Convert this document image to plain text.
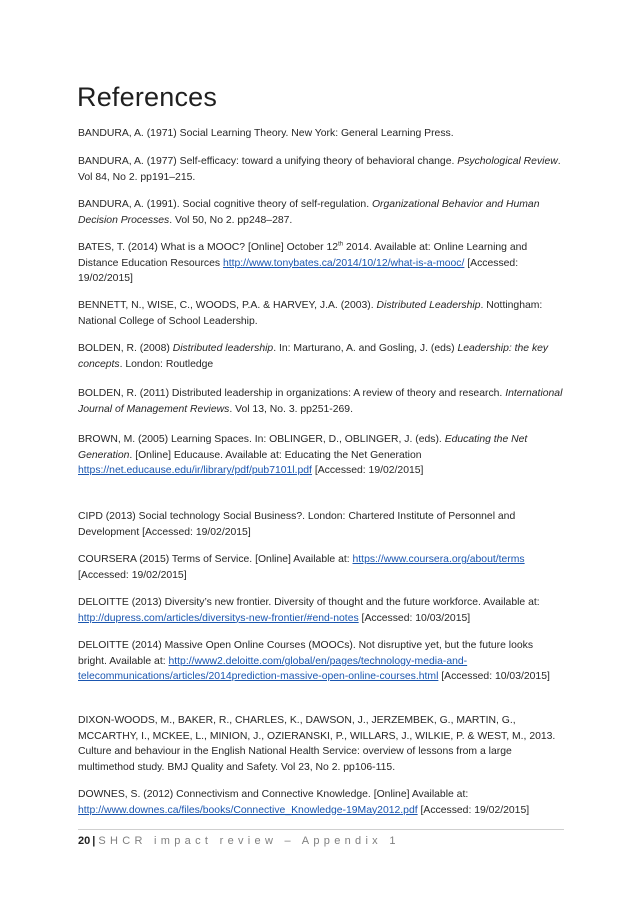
References

BANDURA, A. (1971) Social Learning Theory. New York: General Learning Press.

BANDURA, A. (1977) Self-efficacy: toward a unifying theory of behavioral change. Psychological Review. Vol 84, No 2. pp191–215.

BANDURA, A. (1991). Social cognitive theory of self-regulation. Organizational Behavior and Human Decision Processes. Vol 50, No 2. pp248–287.

BATES, T. (2014) What is a MOOC? [Online] October 12th 2014. Available at: Online Learning and Distance Education Resources http://www.tonybates.ca/2014/10/12/what-is-a-mooc/ [Accessed: 19/02/2015]

BENNETT, N., WISE, C., WOODS, P.A. & HARVEY, J.A. (2003). Distributed Leadership. Nottingham: National College of School Leadership.

BOLDEN, R. (2008) Distributed leadership. In: Marturano, A. and Gosling, J. (eds) Leadership: the key concepts. London: Routledge

BOLDEN, R. (2011) Distributed leadership in organizations: A review of theory and research. International Journal of Management Reviews. Vol 13, No. 3. pp251-269.

BROWN, M. (2005) Learning Spaces. In: OBLINGER, D., OBLINGER, J. (eds). Educating the Net Generation. [Online] Educause. Available at: Educating the Net Generation https://net.educause.edu/ir/library/pdf/pub7101l.pdf [Accessed: 19/02/2015]

CIPD (2013) Social technology Social Business?. London: Chartered Institute of Personnel and Development [Accessed: 19/02/2015]

COURSERA (2015) Terms of Service. [Online] Available at: https://www.coursera.org/about/terms [Accessed: 19/02/2015]

DELOITTE (2013) Diversity’s new frontier. Diversity of thought and the future workforce. Available at: http://dupress.com/articles/diversitys-new-frontier/#end-notes [Accessed: 10/03/2015]

DELOITTE (2014) Massive Open Online Courses (MOOCs). Not disruptive yet, but the future looks bright. Available at: http://www2.deloitte.com/global/en/pages/technology-media-and-telecommunications/articles/2014prediction-massive-open-online-courses.html [Accessed: 10/03/2015]

DIXON-WOODS, M., BAKER, R., CHARLES, K., DAWSON, J., JERZEMBEK, G., MARTIN, G., MCCARTHY, I., MCKEE, L., MINION, J., OZIERANSKI, P., WILLARS, J., WILKIE, P. & WEST, M., 2013. Culture and behaviour in the English National Health Service: overview of lessons from a large multimethod study. BMJ Quality and Safety. Vol 23, No 2. pp106-115.

DOWNES, S. (2012) Connectivism and Connective Knowledge. [Online] Available at: http://www.downes.ca/files/books/Connective_Knowledge-19May2012.pdf [Accessed: 19/02/2015]

20 | SHCR impact review – Appendix 1
